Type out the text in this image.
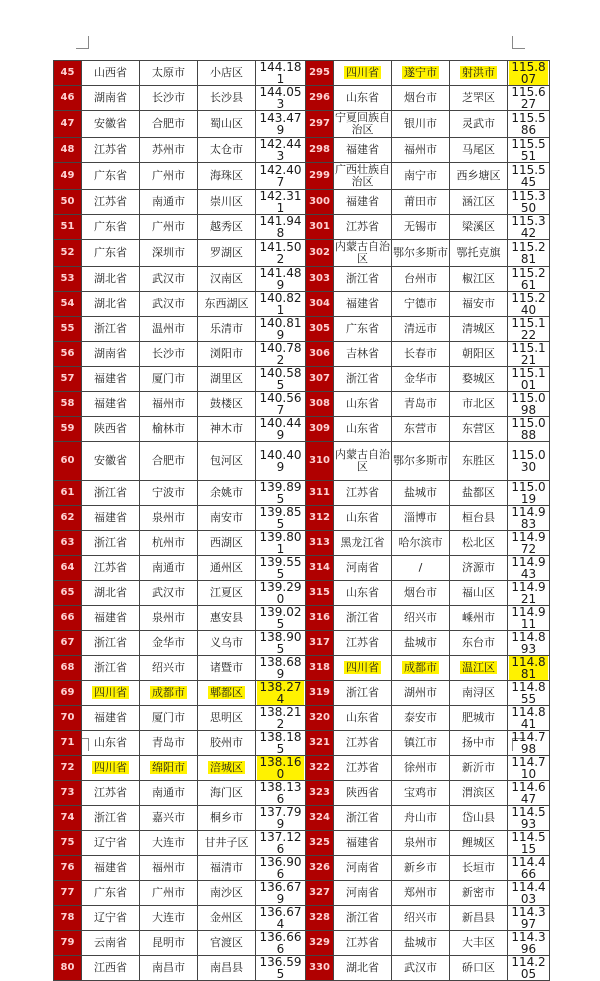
45	山西省	太原市	小店区	144.181	295	四川省	遂宁市	射洪市	115.807
46	湖南省	长沙市	长沙县	144.053	296	山东省	烟台市	芝罘区	115.627
47	安徽省	合肥市	蜀山区	143.479	297	宁夏回族自治区	银川市	灵武市	115.586
48	江苏省	苏州市	太仓市	142.443	298	福建省	福州市	马尾区	115.551
49	广东省	广州市	海珠区	142.407	299	广西壮族自治区	南宁市	西乡塘区	115.545
50	江苏省	南通市	崇川区	142.311	300	福建省	莆田市	涵江区	115.350
51	广东省	广州市	越秀区	141.948	301	江苏省	无锡市	梁溪区	115.342
52	广东省	深圳市	罗湖区	141.502	302	内蒙古自治区	鄂尔多斯市	鄂托克旗	115.281
53	湖北省	武汉市	汉南区	141.489	303	浙江省	台州市	椒江区	115.261
54	湖北省	武汉市	东西湖区	140.821	304	福建省	宁德市	福安市	115.240
55	浙江省	温州市	乐清市	140.819	305	广东省	清远市	清城区	115.122
56	湖南省	长沙市	浏阳市	140.782	306	吉林省	长春市	朝阳区	115.121
57	福建省	厦门市	湖里区	140.585	307	浙江省	金华市	婺城区	115.101
58	福建省	福州市	鼓楼区	140.567	308	山东省	青岛市	市北区	115.098
59	陕西省	榆林市	神木市	140.449	309	山东省	东营市	东营区	115.088
60	安徽省	合肥市	包河区	140.409	310	内蒙古自治区	鄂尔多斯市	东胜区	115.030
61	浙江省	宁波市	余姚市	139.895	311	江苏省	盐城市	盐都区	115.019
62	福建省	泉州市	南安市	139.855	312	山东省	淄博市	桓台县	114.983
63	浙江省	杭州市	西湖区	139.801	313	黑龙江省	哈尔滨市	松北区	114.972
64	江苏省	南通市	通州区	139.555	314	河南省	/	济源市	114.943
65	湖北省	武汉市	江夏区	139.290	315	山东省	烟台市	福山区	114.921
66	福建省	泉州市	惠安县	139.025	316	浙江省	绍兴市	嵊州市	114.911
67	浙江省	金华市	义乌市	138.905	317	江苏省	盐城市	东台市	114.893
68	浙江省	绍兴市	诸暨市	138.689	318	四川省	成都市	温江区	114.881
69	四川省	成都市	郫都区	138.274	319	浙江省	湖州市	南浔区	114.855
70	福建省	厦门市	思明区	138.212	320	山东省	泰安市	肥城市	114.841
71	山东省	青岛市	胶州市	138.185	321	江苏省	镇江市	扬中市	114.798
72	四川省	绵阳市	涪城区	138.160	322	江苏省	徐州市	新沂市	114.710
73	江苏省	南通市	海门区	138.136	323	陕西省	宝鸡市	渭滨区	114.647
74	浙江省	嘉兴市	桐乡市	137.799	324	浙江省	舟山市	岱山县	114.593
75	辽宁省	大连市	甘井子区	137.126	325	福建省	泉州市	鲤城区	114.515
76	福建省	福州市	福清市	136.906	326	河南省	新乡市	长垣市	114.466
77	广东省	广州市	南沙区	136.679	327	河南省	郑州市	新密市	114.403
78	辽宁省	大连市	金州区	136.674	328	浙江省	绍兴市	新昌县	114.397
79	云南省	昆明市	官渡区	136.666	329	江苏省	盐城市	大丰区	114.396
80	江西省	南昌市	南昌县	136.595	330	湖北省	武汉市	硚口区	114.205
